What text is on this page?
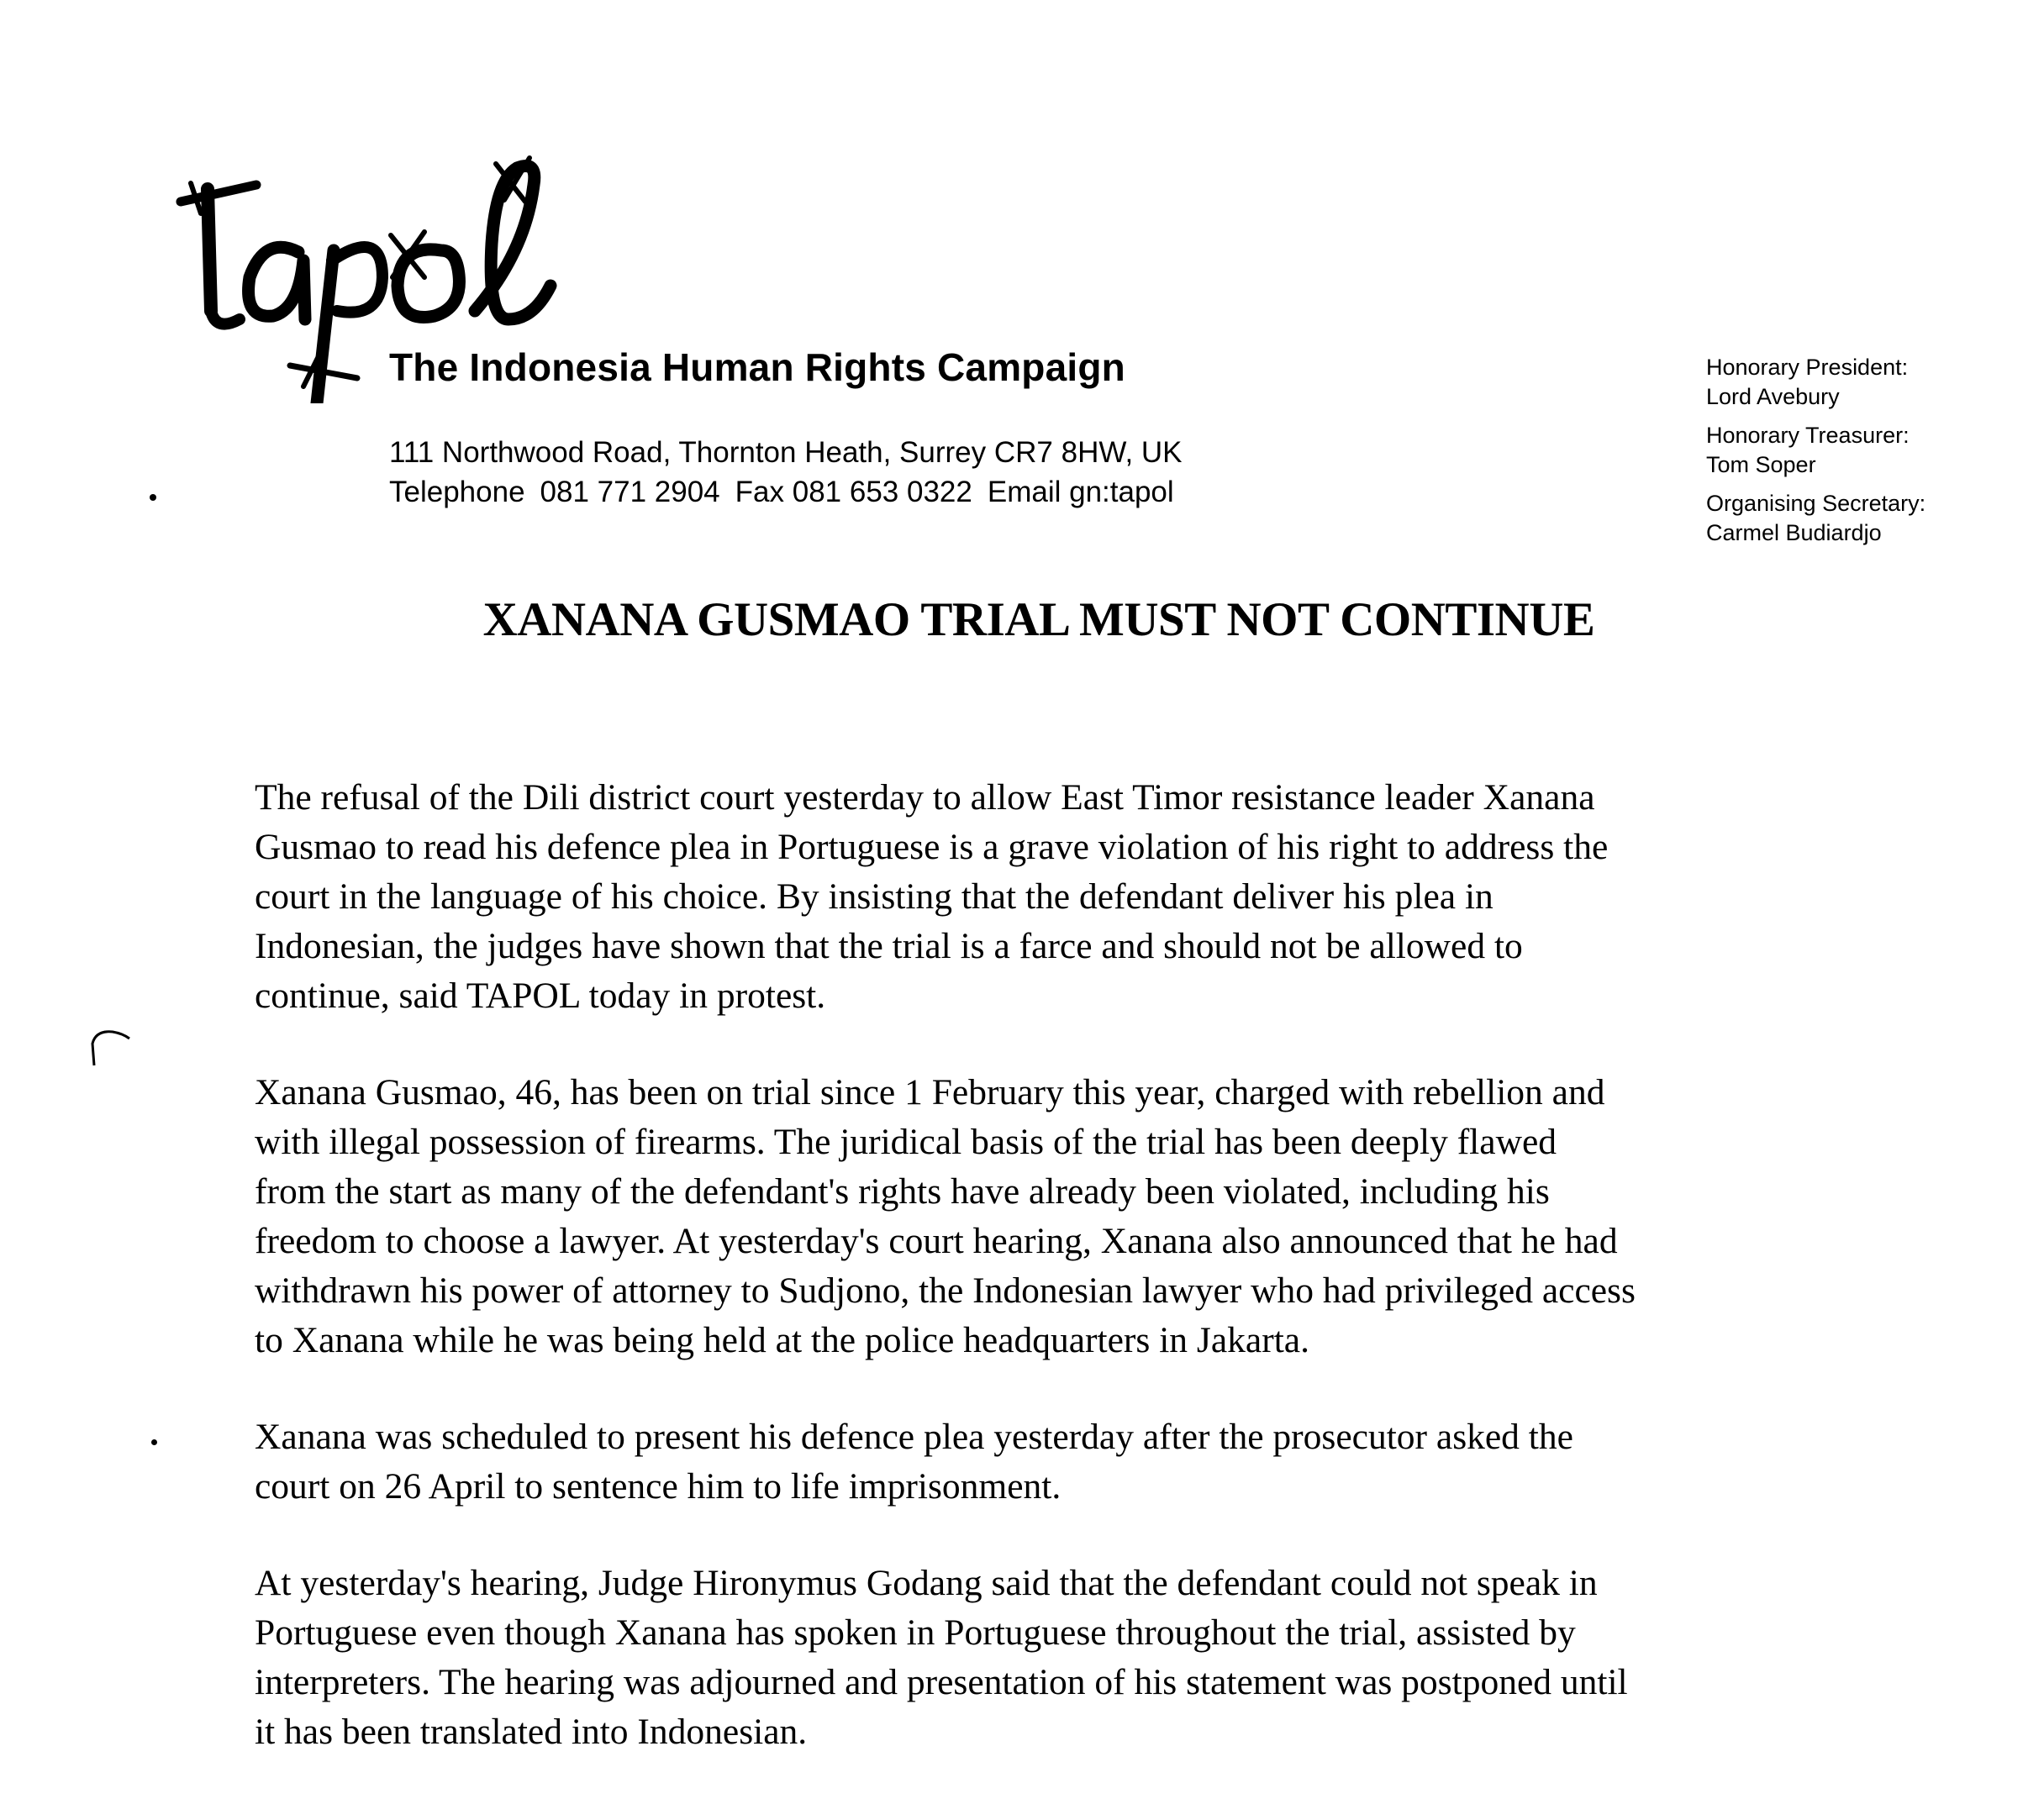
The Indonesia Human Rights Campaign
111 Northwood Road, Thornton Heath, Surrey CR7 8HW, UK
Telephone 081 771 2904 Fax 081 653 0322 Email gn:tapol
Honorary President:
Lord Avebury
Honorary Treasurer:
Tom Soper
Organising Secretary:
Carmel Budiardjo
XANANA GUSMAO TRIAL MUST NOT CONTINUE

The refusal of the Dili district court yesterday to allow East Timor resistance leader Xanana
Gusmao to read his defence plea in Portuguese is a grave violation of his right to address the
court in the language of his choice. By insisting that the defendant deliver his plea in
Indonesian, the judges have shown that the trial is a farce and should not be allowed to
continue, said TAPOL today in protest.

Xanana Gusmao, 46, has been on trial since 1 February this year, charged with rebellion and
with illegal possession of firearms. The juridical basis of the trial has been deeply flawed
from the start as many of the defendant's rights have already been violated, including his
freedom to choose a lawyer. At yesterday's court hearing, Xanana also announced that he had
withdrawn his power of attorney to Sudjono, the Indonesian lawyer who had privileged access
to Xanana while he was being held at the police headquarters in Jakarta.

Xanana was scheduled to present his defence plea yesterday after the prosecutor asked the
court on 26 April to sentence him to life imprisonment.

At yesterday's hearing, Judge Hironymus Godang said that the defendant could not speak in
Portuguese even though Xanana has spoken in Portuguese throughout the trial, assisted by
interpreters. The hearing was adjourned and presentation of his statement was postponed until
it has been translated into Indonesian.
